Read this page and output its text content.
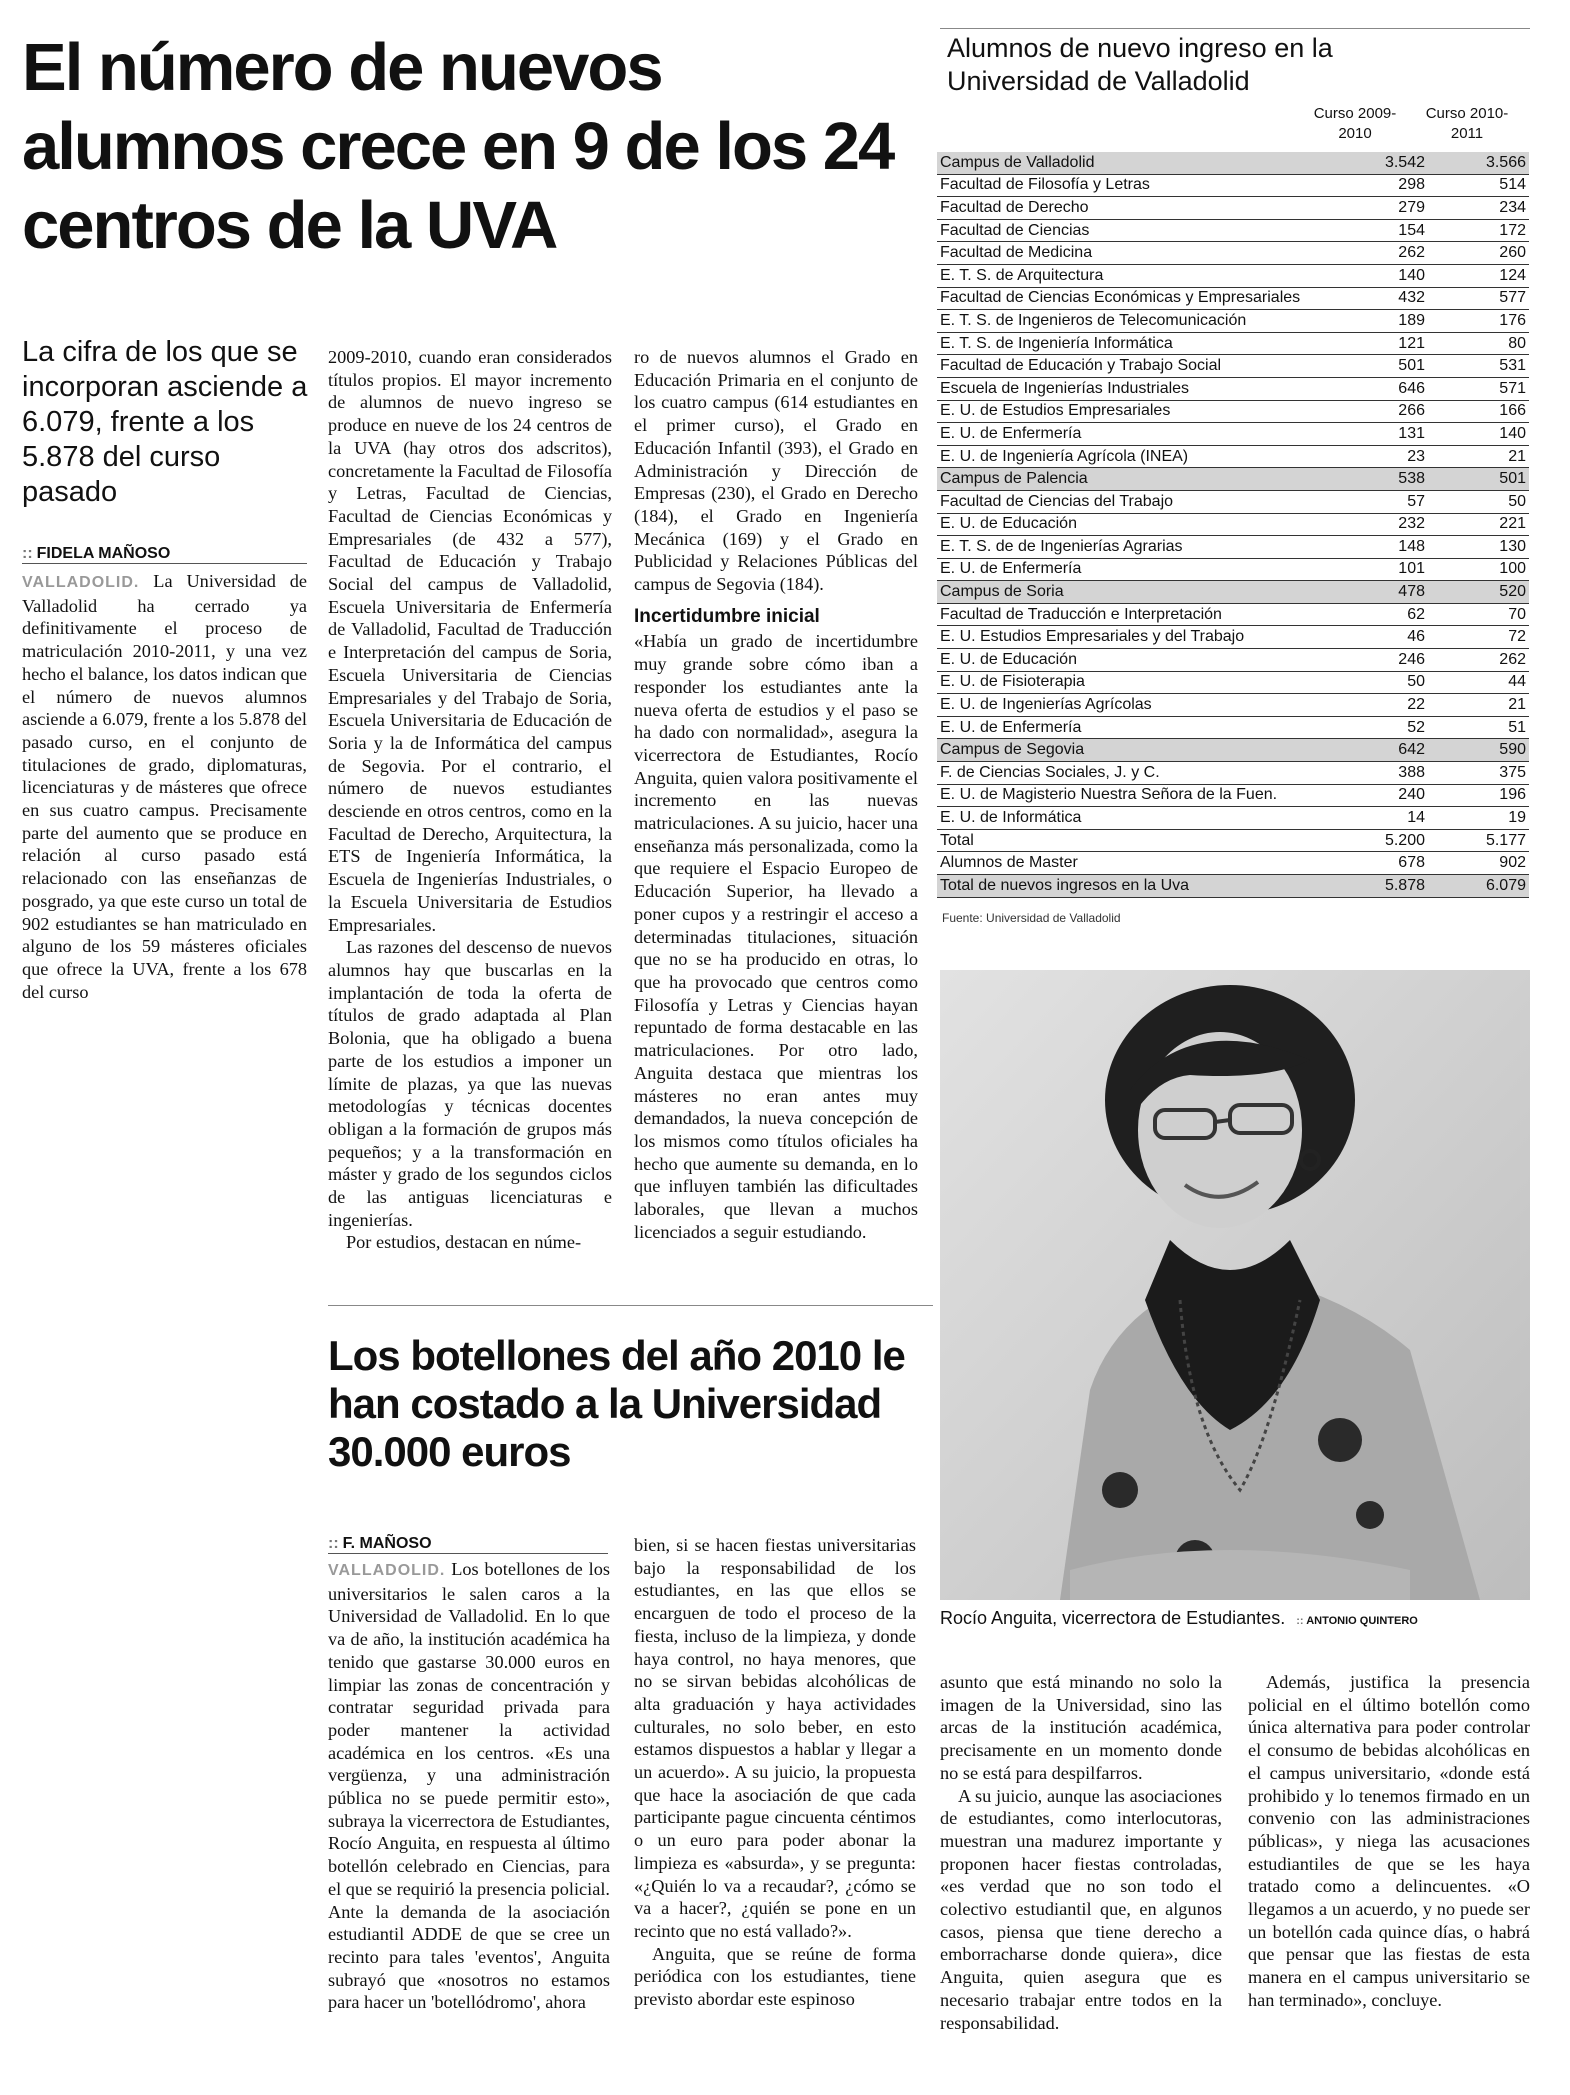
El número de nuevos alumnos crece en 9 de los 24 centros de la UVA
La cifra de los que se incorporan asciende a 6.079, frente a los 5.878 del curso pasado
:: FIDELA MAÑOSO

VALLADOLID. La Universidad de Valladolid ha cerrado ya definitivamente el proceso de matriculación 2010-2011, y una vez hecho el balance, los datos indican que el número de nuevos alumnos asciende a 6.079, frente a los 5.878 del pasado curso, en el conjunto de titulaciones de grado, diplomaturas, licenciaturas y de másteres que ofrece en sus cuatro campus. Precisamente parte del aumento que se produce en relación al curso pasado está relacionado con las enseñanzas de posgrado, ya que este curso un total de 902 estudiantes se han matriculado en alguno de los 59 másteres oficiales que ofrece la UVA, frente a los 678 del curso

2009-2010, cuando eran considerados títulos propios. El mayor incremento de alumnos de nuevo ingreso se produce en nueve de los 24 centros de la UVA (hay otros dos adscritos), concretamente la Facultad de Filosofía y Letras, Facultad de Ciencias, Facultad de Ciencias Económicas y Empresariales (de 432 a 577), Facultad de Educación y Trabajo Social del campus de Valladolid, Escuela Universitaria de Enfermería de Valladolid, Facultad de Traducción e Interpretación del campus de Soria, Escuela Universitaria de Ciencias Empresariales y del Trabajo de Soria, Escuela Universitaria de Educación de Soria y la de Informática del campus de Segovia. Por el contrario, el número de nuevos estudiantes desciende en otros centros, como en la Facultad de Derecho, Arquitectura, la ETS de Ingeniería Informática, la Escuela de Ingenierías Industriales, o la Escuela Universitaria de Estudios Empresariales.

Las razones del descenso de nuevos alumnos hay que buscarlas en la implantación de toda la oferta de títulos de grado adaptada al Plan Bolonia, que ha obligado a buena parte de los estudios a imponer un límite de plazas, ya que las nuevas metodologías y técnicas docentes obligan a la formación de grupos más pequeños; y a la transformación en máster y grado de los segundos ciclos de las antiguas licenciaturas e ingenierías.

Por estudios, destacan en núme-

ro de nuevos alumnos el Grado en Educación Primaria en el conjunto de los cuatro campus (614 estudiantes en el primer curso), el Grado en Educación Infantil (393), el Grado en Administración y Dirección de Empresas (230), el Grado en Derecho (184), el Grado en Ingeniería Mecánica (169) y el Grado en Publicidad y Relaciones Públicas del campus de Segovia (184).

Incertidumbre inicial

«Había un grado de incertidumbre muy grande sobre cómo iban a responder los estudiantes ante la nueva oferta de estudios y el paso se ha dado con normalidad», asegura la vicerrectora de Estudiantes, Rocío Anguita, quien valora positivamente el incremento en las nuevas matriculaciones. A su juicio, hacer una enseñanza más personalizada, como la que requiere el Espacio Europeo de Educación Superior, ha llevado a poner cupos y a restringir el acceso a determinadas titulaciones, situación que no se ha producido en otras, lo que ha provocado que centros como Filosofía y Letras y Ciencias hayan repuntado de forma destacable en las matriculaciones. Por otro lado, Anguita destaca que mientras los másteres no eran antes muy demandados, la nueva concepción de los mismos como títulos oficiales ha hecho que aumente su demanda, en lo que influyen también las dificultades laborales, que llevan a muchos licenciados a seguir estudiando.

Alumnos de nuevo ingreso en la Universidad de Valladolid
Curso 2009-2010
Curso 2010-2011
Campus de Valladolid	3.542	3.566
Facultad de Filosofía y Letras	298	514
Facultad de Derecho	279	234
Facultad de Ciencias	154	172
Facultad de Medicina	262	260
E. T. S. de Arquitectura	140	124
Facultad de Ciencias Económicas y Empresariales	432	577
E. T. S. de Ingenieros de Telecomunicación	189	176
E. T. S. de Ingeniería Informática	121	80
Facultad de Educación y Trabajo Social	501	531
Escuela de Ingenierías Industriales	646	571
E. U. de Estudios Empresariales	266	166
E. U. de Enfermería	131	140
E. U. de Ingeniería Agrícola (INEA)	23	21
Campus de Palencia	538	501
Facultad de Ciencias del Trabajo	57	50
E. U. de Educación	232	221
E. T. S. de de Ingenierías Agrarias	148	130
E. U. de Enfermería	101	100
Campus de Soria	478	520
Facultad de Traducción e Interpretación	62	70
E. U. Estudios Empresariales y del Trabajo	46	72
E. U. de Educación	246	262
E. U. de Fisioterapia	50	44
E. U. de Ingenierías Agrícolas	22	21
E. U. de Enfermería	52	51
Campus de Segovia	642	590
F. de Ciencias Sociales, J. y C.	388	375
E. U. de Magisterio Nuestra Señora de la Fuen.	240	196
E. U. de Informática	14	19
Total	5.200	5.177
Alumnos de Master	678	902
Total de nuevos ingresos en la Uva	5.878	6.079
Fuente: Universidad de Valladolid
Rocío Anguita, vicerrectora de Estudiantes. :: ANTONIO QUINTERO
Los botellones del año 2010 le han costado a la Universidad 30.000 euros
:: F. MAÑOSO

VALLADOLID. Los botellones de los universitarios le salen caros a la Universidad de Valladolid. En lo que va de año, la institución académica ha tenido que gastarse 30.000 euros en limpiar las zonas de concentración y contratar seguridad privada para poder mantener la actividad académica en los centros. «Es una vergüenza, y una administración pública no se puede permitir esto», subraya la vicerrectora de Estudiantes, Rocío Anguita, en respuesta al último botellón celebrado en Ciencias, para el que se requirió la presencia policial. Ante la demanda de la asociación estudiantil ADDE de que se cree un recinto para tales 'eventos', Anguita subrayó que «nosotros no estamos para hacer un 'botellódromo', ahora

bien, si se hacen fiestas universitarias bajo la responsabilidad de los estudiantes, en las que ellos se encarguen de todo el proceso de la fiesta, incluso de la limpieza, y donde haya control, no haya menores, que no se sirvan bebidas alcohólicas de alta graduación y haya actividades culturales, no solo beber, en esto estamos dispuestos a hablar y llegar a un acuerdo». A su juicio, la propuesta que hace la asociación de que cada participante pague cincuenta céntimos o un euro para poder abonar la limpieza es «absurda», y se pregunta: «¿Quién lo va a recaudar?, ¿cómo se va a hacer?, ¿quién se pone en un recinto que no está vallado?».

Anguita, que se reúne de forma periódica con los estudiantes, tiene previsto abordar este espinoso

asunto que está minando no solo la imagen de la Universidad, sino las arcas de la institución académica, precisamente en un momento donde no se está para despilfarros.

A su juicio, aunque las asociaciones de estudiantes, como interlocutoras, muestran una madurez importante y proponen hacer fiestas controladas, «es verdad que no son todo el colectivo estudiantil que, en algunos casos, piensa que tiene derecho a emborracharse donde quiera», dice Anguita, quien asegura que es necesario trabajar entre todos en la responsabilidad.

Además, justifica la presencia policial en el último botellón como única alternativa para poder controlar el consumo de bebidas alcohólicas en el campus universitario, «donde está prohibido y lo tenemos firmado en un convenio con las administraciones públicas», y niega las acusaciones estudiantiles de que se les haya tratado como a delincuentes. «O llegamos a un acuerdo, y no puede ser un botellón cada quince días, o habrá que pensar que las fiestas de esta manera en el campus universitario se han terminado», concluye.
